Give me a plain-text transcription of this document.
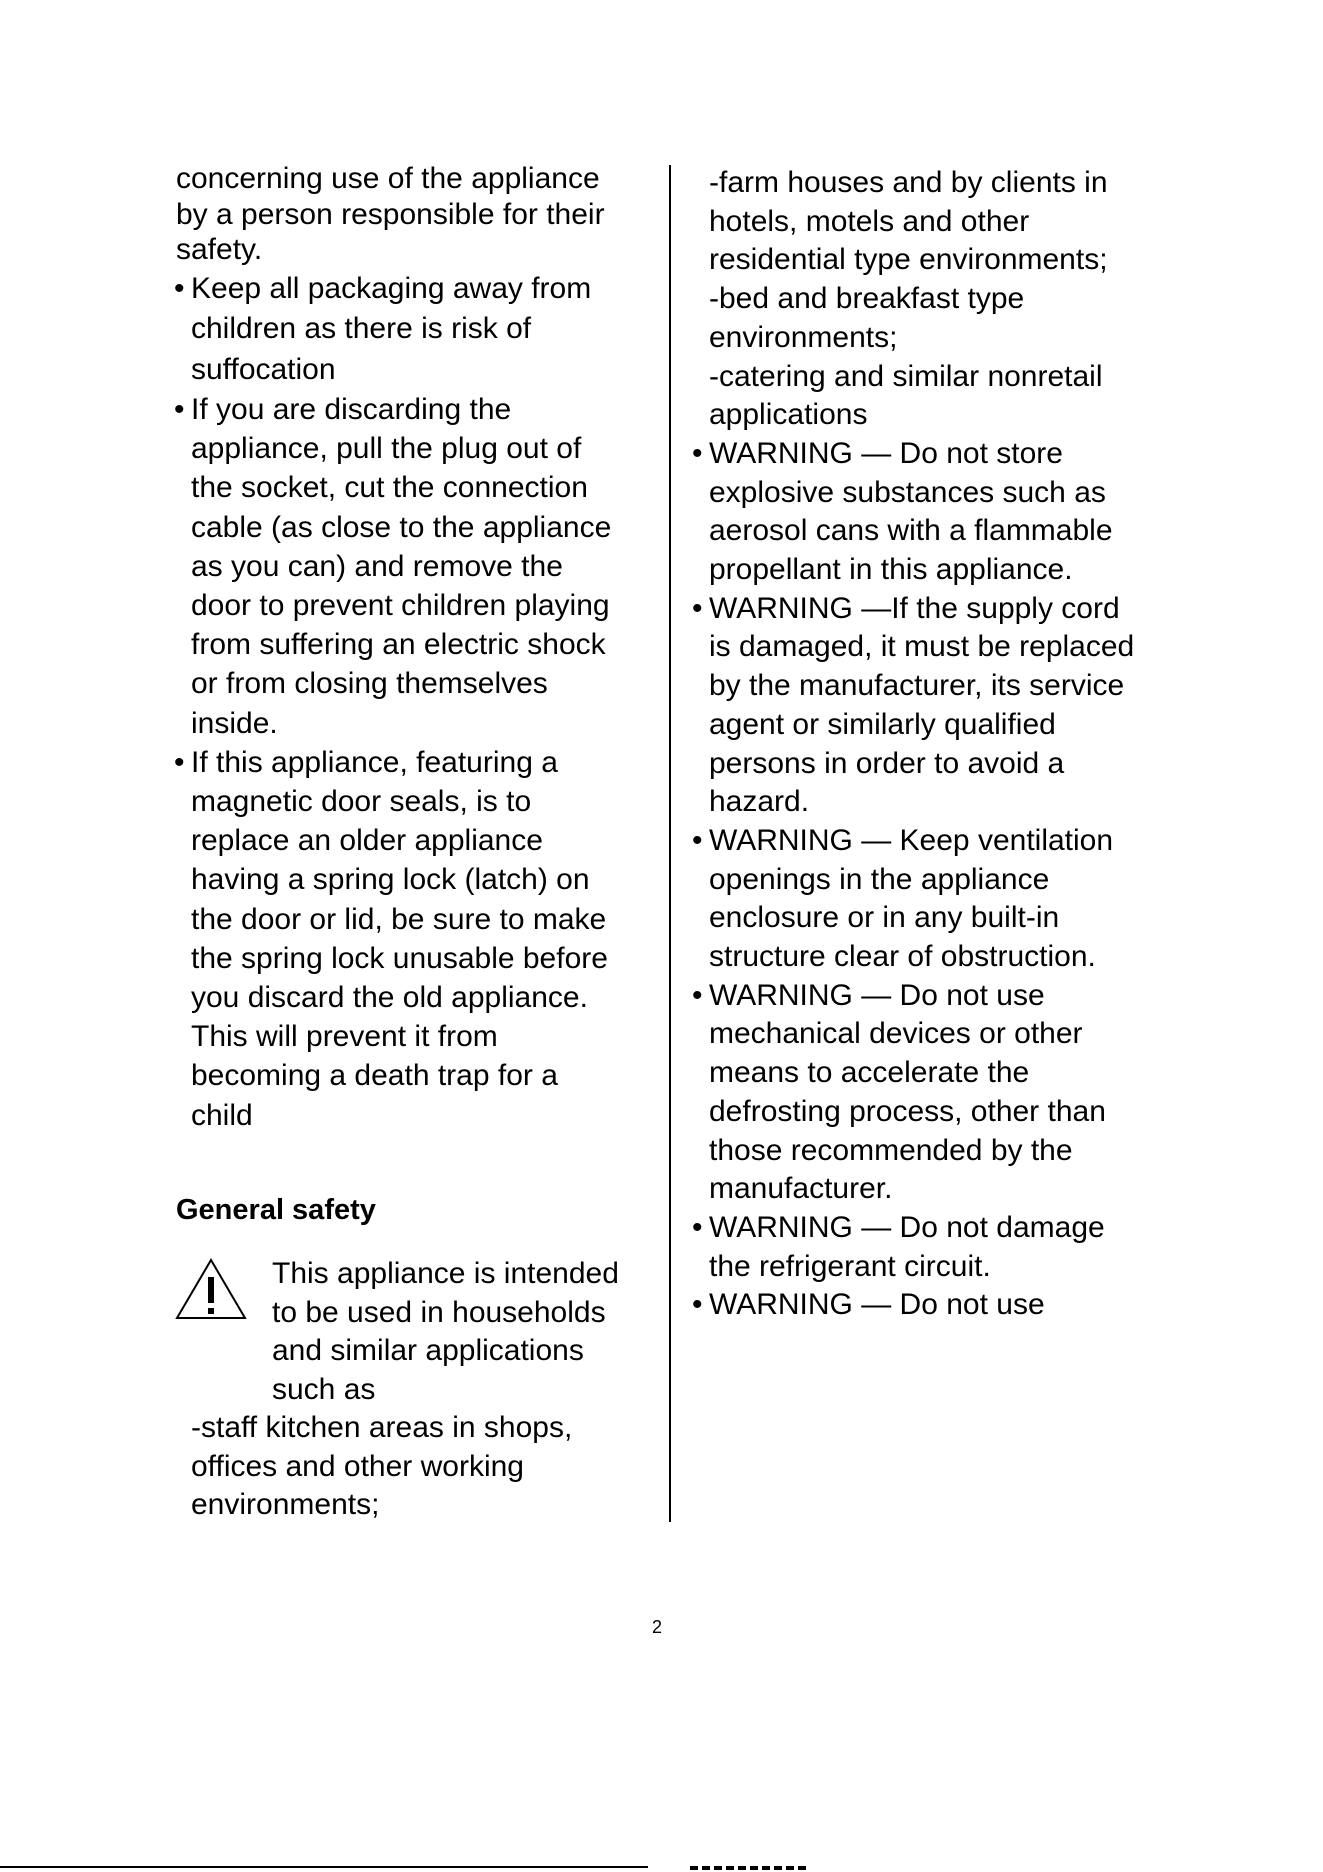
concerning use of the appliance by a person responsible for their safety.

• Keep all packaging away from children as there is risk of suffocation

• If you are discarding the appliance, pull the plug out of the socket, cut the connection cable (as close to the appliance as you can) and remove the door to prevent children playing from suffering an electric shock or from closing themselves inside.

• If this appliance, featuring a magnetic door seals, is to replace an older appliance having a spring lock (latch) on the door or lid, be sure to make the spring lock unusable before you discard the old appliance. This will prevent it from becoming a death trap for a child

General safety

This appliance is intended to be used in households and similar applications such as

-staff kitchen areas in shops, offices and other working environments;

-farm houses and by clients in hotels, motels and other residential type environments;

-bed and breakfast type environments;

-catering and similar nonretail applications

• WARNING — Do not store explosive substances such as aerosol cans with a flammable propellant in this appliance.

• WARNING —If the supply cord is damaged, it must be replaced by the manufacturer, its service agent or similarly qualified persons in order to avoid a hazard.

• WARNING — Keep ventilation openings in the appliance enclosure or in any built-in structure clear of obstruction.

• WARNING — Do not use mechanical devices or other means to accelerate the defrosting process, other than those recommended by the manufacturer.

• WARNING — Do not damage the refrigerant circuit.

• WARNING — Do not use

2
